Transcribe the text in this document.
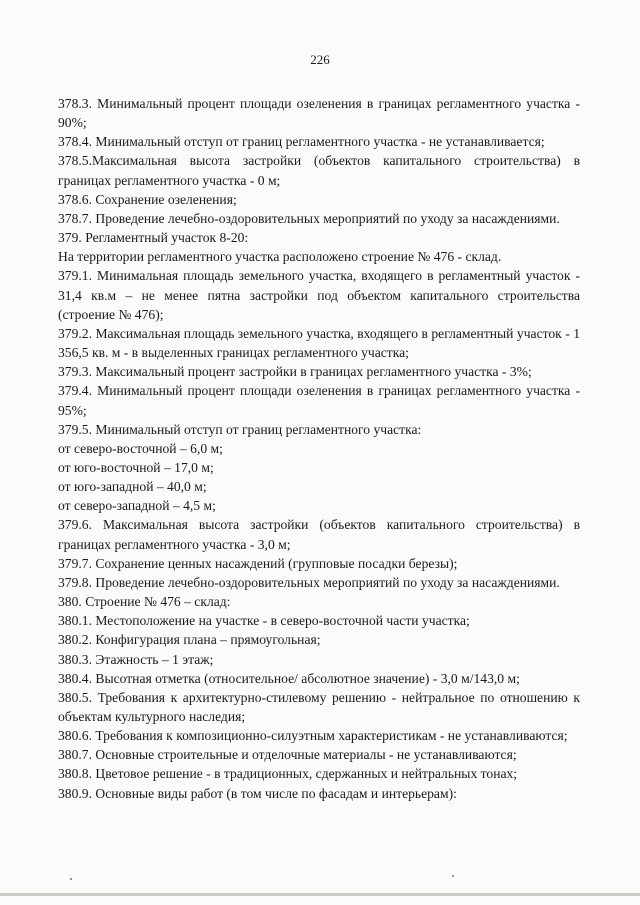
226
378.3. Минимальный процент площади озеленения в границах регламентного участка - 90%;
378.4. Минимальный отступ от границ регламентного участка - не устанавливается;
378.5.Максимальная высота застройки (объектов капитального строительства) в границах регламентного участка - 0 м;
378.6. Сохранение озеленения;
378.7. Проведение лечебно-оздоровительных мероприятий по уходу за насаждениями.
379. Регламентный участок 8-20:
На территории регламентного участка расположено строение № 476 - склад.
379.1. Минимальная площадь земельного участка, входящего в регламентный участок - 31,4 кв.м – не менее пятна застройки под объектом капитального строительства (строение № 476);
379.2. Максимальная площадь земельного участка, входящего в регламентный участок - 1 356,5 кв. м - в выделенных границах регламентного участка;
379.3. Максимальный процент застройки в границах регламентного участка - 3%;
379.4. Минимальный процент площади озеленения в границах регламентного участка - 95%;
379.5. Минимальный отступ от границ регламентного участка:
от северо-восточной – 6,0 м;
от юго-восточной – 17,0 м;
от юго-западной – 40,0 м;
от северо-западной – 4,5 м;
379.6. Максимальная высота застройки (объектов капитального строительства) в границах регламентного участка - 3,0 м;
379.7. Сохранение ценных насаждений (групповые посадки березы);
379.8. Проведение лечебно-оздоровительных мероприятий по уходу за насаждениями.
380. Строение № 476 – склад:
380.1. Местоположение на участке - в северо-восточной части участка;
380.2. Конфигурация плана – прямоугольная;
380.3. Этажность – 1 этаж;
380.4. Высотная отметка (относительное/ абсолютное значение) - 3,0 м/143,0 м;
380.5. Требования к архитектурно-стилевому решению - нейтральное по отношению к объектам культурного наследия;
380.6. Требования к композиционно-силуэтным характеристикам - не устанавливаются;
380.7. Основные строительные и отделочные материалы - не устанавливаются;
380.8. Цветовое решение - в традиционных, сдержанных и нейтральных тонах;
380.9. Основные виды работ (в том числе по фасадам и интерьерам):
